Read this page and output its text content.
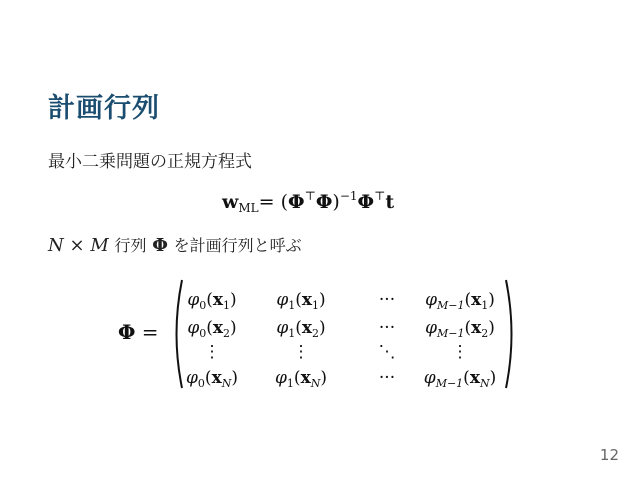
計画行列
最小二乗問題の正規方程式
$w_{ML}= (\Phi^⊤\Phi)^{-1}\Phi^⊤t$
N × M 行列 Φ を計画行列と呼ぶ
Φ =
$\varphi_0(x_1)$ $\varphi_1(x_1)$	··· $\varphi_{M-1}(x_1)$
$\varphi_0(x_2)$ $\varphi_1(x_2)$	··· $\varphi_{M-1}(x_2)$
⋮	⋮	⋱	⋮
$\varphi_0(x_N)$ $\varphi_1(x_N)$	··· $\varphi_{M-1}(x_N)$
12
